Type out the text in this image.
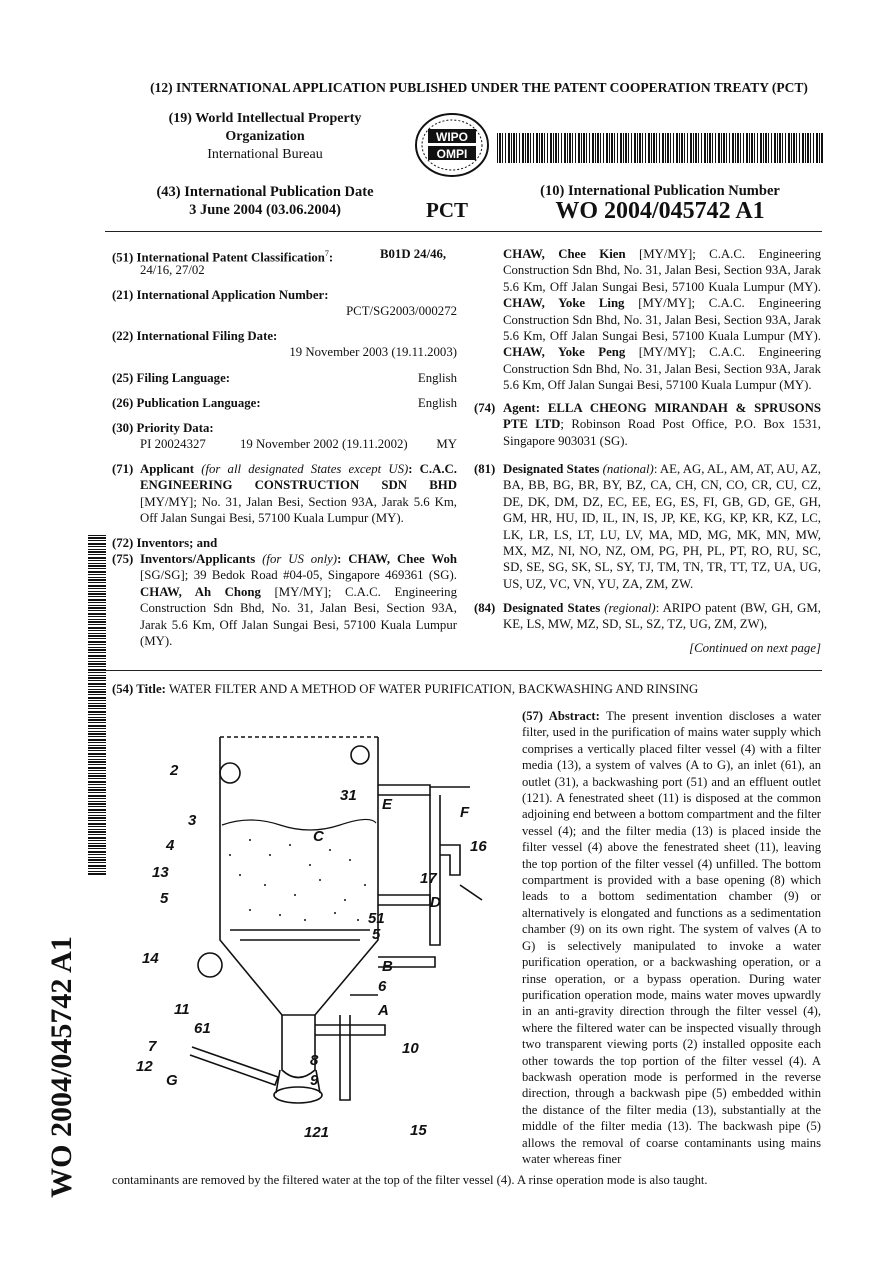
(12) INTERNATIONAL APPLICATION PUBLISHED UNDER THE PATENT COOPERATION TREATY (PCT)
(19) World Intellectual Property
Organization
International Bureau
WIPO
OMPI
(43) International Publication Date
3 June 2004 (03.06.2004)	PCT
(10) International Publication Number
WO 2004/045742 A1
(51) International Patent Classification$^7$:	B01D 24/46,
24/16, 27/02
(21) International Application Number:
PCT/SG2003/000272
(22) International Filing Date:
19 November 2003 (19.11.2003)
(25) Filing Language:	English
(26) Publication Language:	English
(30) Priority Data:
PI 20024327	19 November 2002 (19.11.2002)	MY
(71) Applicant (for all designated States except US): C.A.C. ENGINEERING CONSTRUCTION SDN BHD [MY/MY]; No. 31, Jalan Besi, Section 93A, Jarak 5.6 Km, Off Jalan Sungai Besi, 57100 Kuala Lumpur (MY).
(72) Inventors; and
(75) Inventors/Applicants (for US only): CHAW, Chee Woh [SG/SG]; 39 Bedok Road #04-05, Singapore 469361 (SG). CHAW, Ah Chong [MY/MY]; C.A.C. Engineering Construction Sdn Bhd, No. 31, Jalan Besi, Section 93A, Jarak 5.6 Km, Off Jalan Sungai Besi, 57100 Kuala Lumpur (MY).
CHAW, Chee Kien [MY/MY]; C.A.C. Engineering Construction Sdn Bhd, No. 31, Jalan Besi, Section 93A, Jarak 5.6 Km, Off Jalan Sungai Besi, 57100 Kuala Lumpur (MY). CHAW, Yoke Ling [MY/MY]; C.A.C. Engineering Construction Sdn Bhd, No. 31, Jalan Besi, Section 93A, Jarak 5.6 Km, Off Jalan Sungai Besi, 57100 Kuala Lumpur (MY). CHAW, Yoke Peng [MY/MY]; C.A.C. Engineering Construction Sdn Bhd, No. 31, Jalan Besi, Section 93A, Jarak 5.6 Km, Off Jalan Sungai Besi, 57100 Kuala Lumpur (MY).
(74) Agent: ELLA CHEONG MIRANDAH & SPRUSONS PTE LTD; Robinson Road Post Office, P.O. Box 1531, Singapore 903031 (SG).
(81) Designated States (national): AE, AG, AL, AM, AT, AU, AZ, BA, BB, BG, BR, BY, BZ, CA, CH, CN, CO, CR, CU, CZ, DE, DK, DM, DZ, EC, EE, EG, ES, FI, GB, GD, GE, GH, GM, HR, HU, ID, IL, IN, IS, JP, KE, KG, KP, KR, KZ, LC, LK, LR, LS, LT, LU, LV, MA, MD, MG, MK, MN, MW, MX, MZ, NI, NO, NZ, OM, PG, PH, PL, PT, RO, RU, SC, SD, SE, SG, SK, SL, SY, TJ, TM, TN, TR, TT, TZ, UA, UG, US, UZ, VC, VN, YU, ZA, ZM, ZW.
(84) Designated States (regional): ARIPO patent (BW, GH, GM, KE, LS, MW, MZ, SD, SL, SZ, TZ, UG, ZM, ZW),
[Continued on next page]
(54) Title: WATER FILTER AND A METHOD OF WATER PURIFICATION, BACKWASHING AND RINSING
WO 2004/045742 A1
2
31
3
E	F
4
C
16
13	17
5	D
51
5
14	B
6
11	A
61
10
7
8
12
9
G
121	15
(57) Abstract: The present invention discloses a water filter, used in the purification of mains water supply which comprises a vertically placed filter vessel (4) with a filter media (13), a system of valves (A to G), an inlet (61), an outlet (31), a backwashing port (51) and an effluent outlet (121). A fenestrated sheet (11) is disposed at the common adjoining end between a bottom compartment and the filter vessel (4); and the filter media (13) is placed inside the filter vessel (4) above the fenestrated sheet (11), leaving the top portion of the filter vessel (4) unfilled. The bottom compartment is provided with a base opening (8) which leads to a bottom sedimentation chamber (9) or alternatively is elongated and functions as a sedimentation chamber (9) on its own right. The system of valves (A to G) is selectively manipulated to invoke a water purification operation, or a backwashing operation, or a rinse operation, or a bypass operation. During water purification operation mode, mains water moves upwardly in an anti-gravity direction through the filter vessel (4), where the filtered water can be inspected visually through two transparent viewing ports (2) installed opposite each other towards the top portion of the filter vessel (4). A backwash operation mode is performed in the reverse direction, through a backwash pipe (5) embedded within the distance of the filter media (13), substantially at the middle of the filter media (13). The backwash pipe (5) allows the removal of coarse contaminants using mains water whereas finer
contaminants are removed by the filtered water at the top of the filter vessel (4). A rinse operation mode is also taught.
